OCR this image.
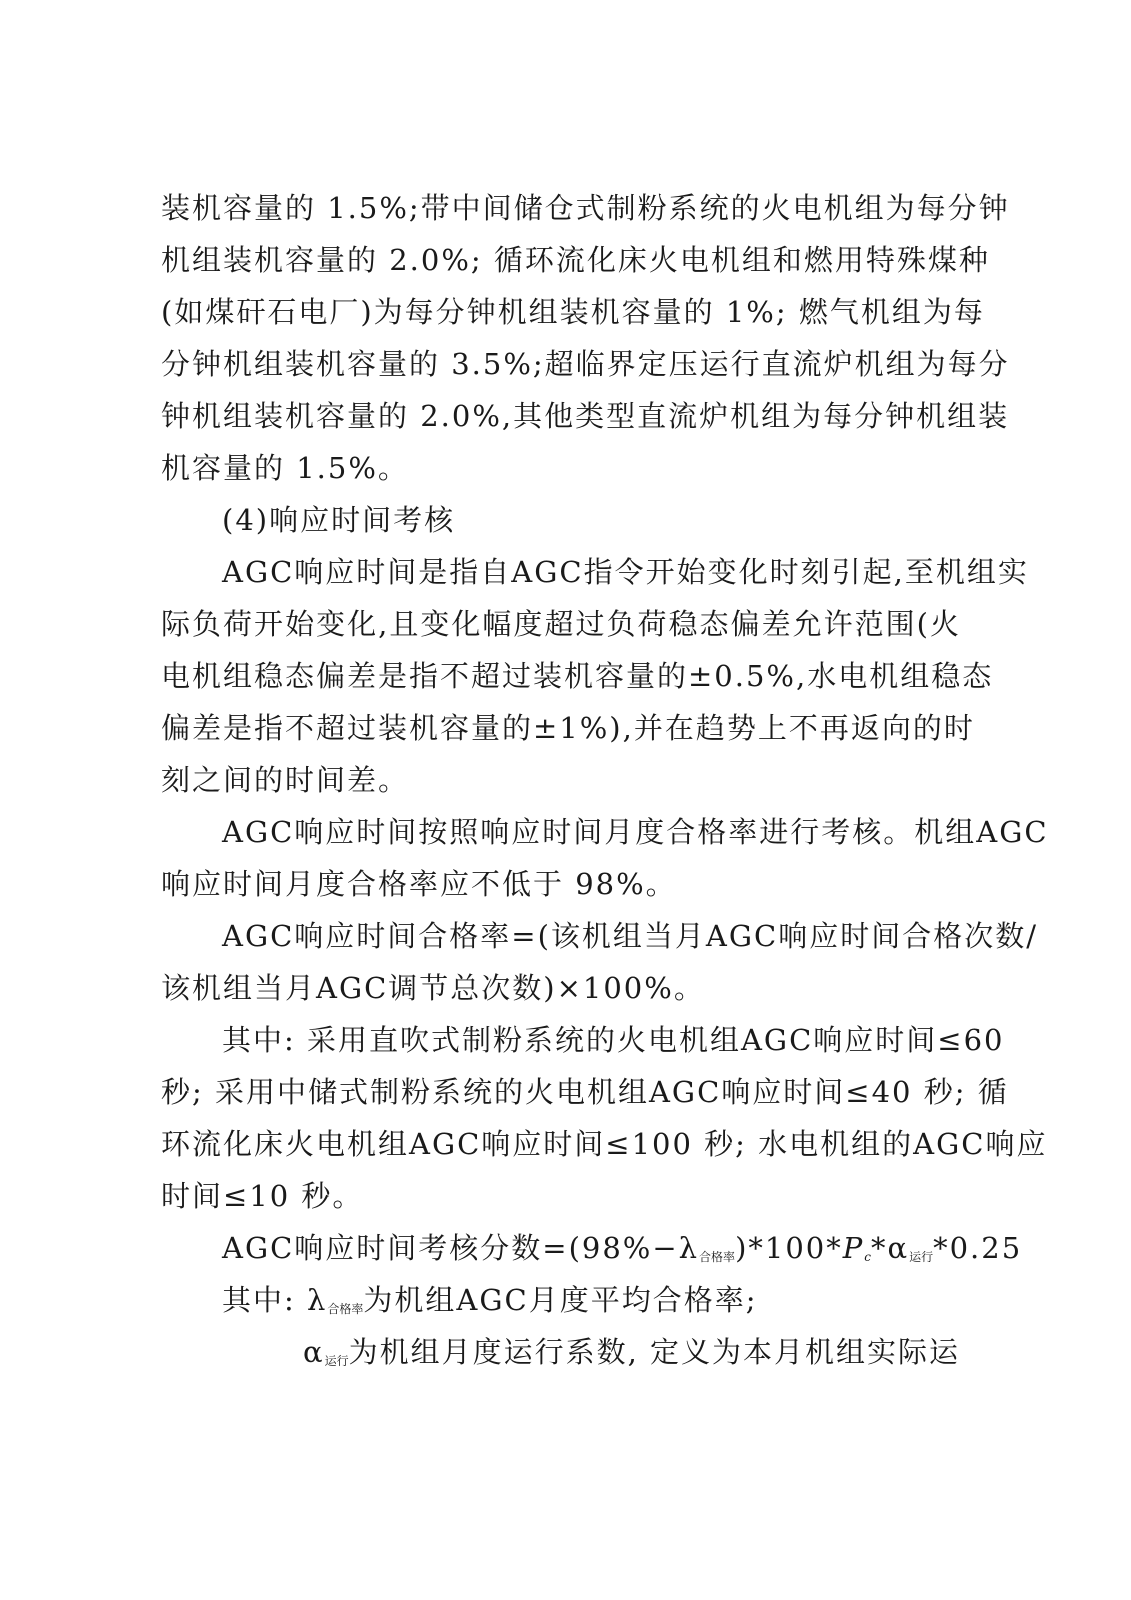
装机容量的 1.5%;带中间储仓式制粉系统的火电机组为每分钟
机组装机容量的 2.0%; 循环流化床火电机组和燃用特殊煤种
(如煤矸石电厂)为每分钟机组装机容量的 1%; 燃气机组为每
分钟机组装机容量的 3.5%;超临界定压运行直流炉机组为每分
钟机组装机容量的 2.0%,其他类型直流炉机组为每分钟机组装
机容量的 1.5%。
(4)响应时间考核
AGC响应时间是指自AGC指令开始变化时刻引起,至机组实
际负荷开始变化,且变化幅度超过负荷稳态偏差允许范围(火
电机组稳态偏差是指不超过装机容量的±0.5%,水电机组稳态
偏差是指不超过装机容量的±1%),并在趋势上不再返向的时
刻之间的时间差。
AGC响应时间按照响应时间月度合格率进行考核。机组AGC
响应时间月度合格率应不低于 98%。
AGC响应时间合格率=(该机组当月AGC响应时间合格次数/
该机组当月AGC调节总次数)×100%。
其中: 采用直吹式制粉系统的火电机组AGC响应时间≤60
秒; 采用中储式制粉系统的火电机组AGC响应时间≤40 秒; 循
环流化床火电机组AGC响应时间≤100 秒; 水电机组的AGC响应
时间≤10 秒。
AGC响应时间考核分数$=(98\%-\lambda_{合格率})*100*P_c*\alpha_{运行}*0.25$
其中: $\lambda_{合格率}$为机组AGC月度平均合格率;
$\alpha_{运行}$为机组月度运行系数, 定义为本月机组实际运
